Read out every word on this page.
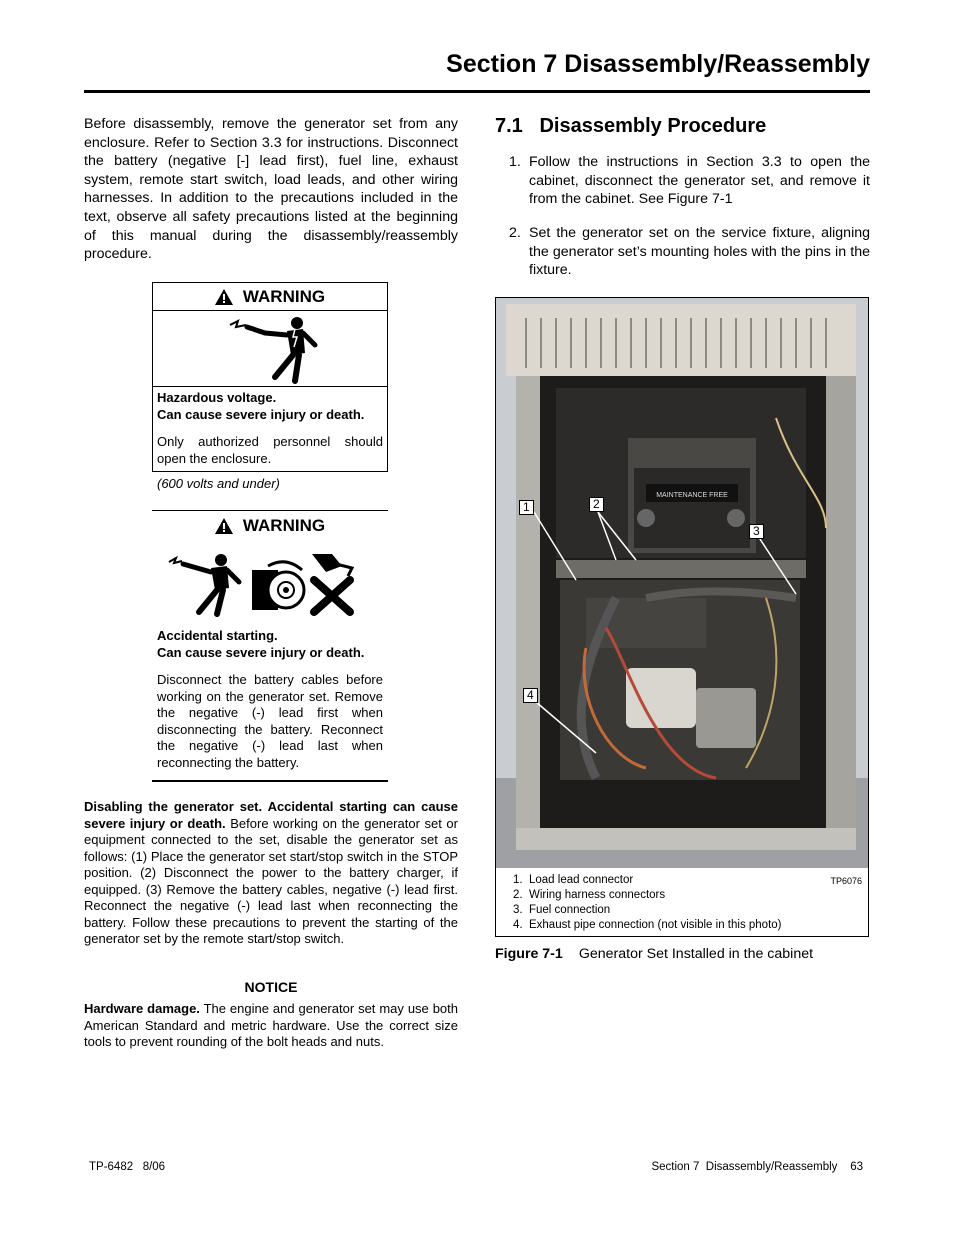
Section 7 Disassembly/Reassembly
Before disassembly, remove the generator set from any enclosure. Refer to Section 3.3 for instructions. Disconnect the battery (negative [-] lead first), fuel line, exhaust system, remote start switch, load leads, and other wiring harnesses. In addition to the precautions included in the text, observe all safety precautions listed at the beginning of this manual during the disassembly/reassembly procedure.
WARNING
Hazardous voltage.
Can cause severe injury or death.
Only authorized personnel should open the enclosure.
(600 volts and under)
WARNING
Accidental starting.
Can cause severe injury or death.
Disconnect the battery cables before working on the generator set. Remove the negative (-) lead first when disconnecting the battery. Reconnect the negative (-) lead last when reconnecting the battery.
Disabling the generator set. Accidental starting can cause severe injury or death. Before working on the generator set or equipment connected to the set, disable the generator set as follows: (1) Place the generator set start/stop switch in the STOP position. (2) Disconnect the power to the battery charger, if equipped. (3) Remove the battery cables, negative (-) lead first. Reconnect the negative (-) lead last when reconnecting the battery. Follow these precautions to prevent the starting of the generator set by the remote start/stop switch.
NOTICE
Hardware damage. The engine and generator set may use both American Standard and metric hardware. Use the correct size tools to prevent rounding of the bolt heads and nuts.
7.1   Disassembly Procedure
1. Follow the instructions in Section 3.3 to open the cabinet, disconnect the generator set, and remove it from the cabinet. See Figure 7-1
2. Set the generator set on the service fixture, aligning the generator set’s mounting holes with the pins in the fixture.
MAINTENANCE FREE
1	2
3
4
TP6076
1.  Load lead connector
2.  Wiring harness connectors
3.  Fuel connection
4.  Exhaust pipe connection (not visible in this photo)
Figure 7-1 Generator Set Installed in the cabinet
TP-6482   8/06	Section 7  Disassembly/Reassembly    63
